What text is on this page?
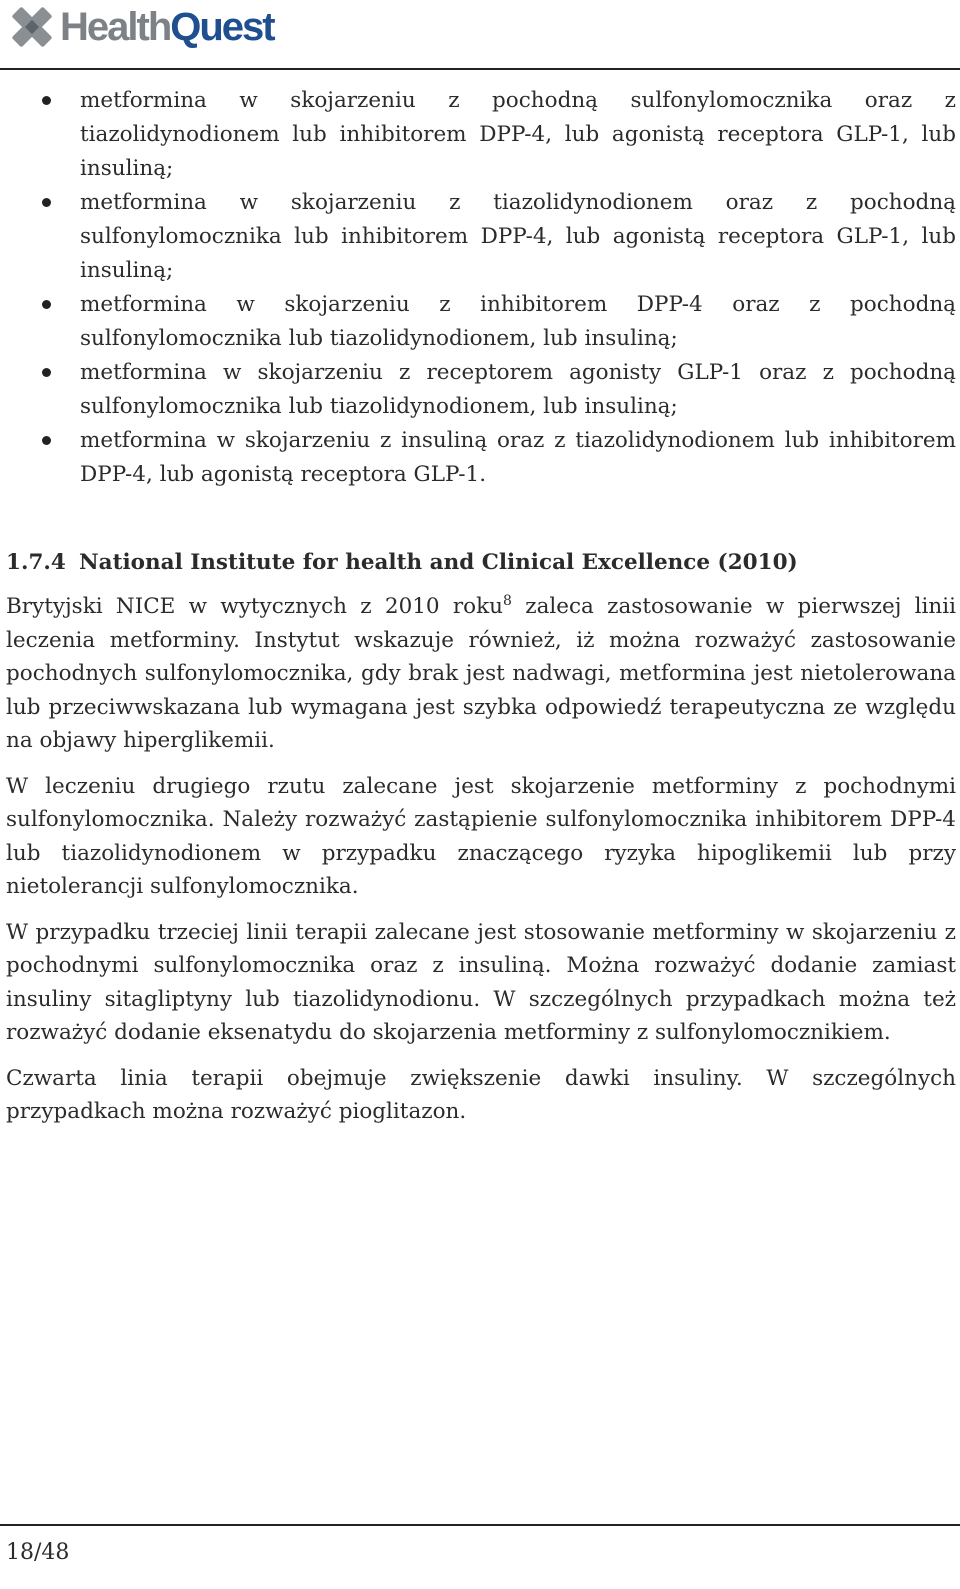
HealthQuest
metformina w skojarzeniu z pochodną sulfonylomocznika oraz z tiazolidynodionem lub inhibitorem DPP-4, lub agonistą receptora GLP-1, lub insuliną;
metformina w skojarzeniu z tiazolidynodionem oraz z pochodną sulfonylomocznika lub inhibitorem DPP-4, lub agonistą receptora GLP-1, lub insuliną;
metformina w skojarzeniu z inhibitorem DPP-4 oraz z pochodną sulfonylomocznika lub tiazolidynodionem, lub insuliną;
metformina w skojarzeniu z receptorem agonisty GLP-1 oraz z pochodną sulfonylomocznika lub tiazolidynodionem, lub insuliną;
metformina w skojarzeniu z insuliną oraz z tiazolidynodionem lub inhibitorem DPP-4, lub agonistą receptora GLP-1.
1.7.4 National Institute for health and Clinical Excellence (2010)

Brytyjski NICE w wytycznych z 2010 roku$^8$ zaleca zastosowanie w pierwszej linii leczenia metforminy. Instytut wskazuje również, iż można rozważyć zastosowanie pochodnych sulfonylomocznika, gdy brak jest nadwagi, metformina jest nietolerowana lub przeciwwskazana lub wymagana jest szybka odpowiedź terapeutyczna ze względu na objawy hiperglikemii.

W leczeniu drugiego rzutu zalecane jest skojarzenie metforminy z pochodnymi sulfonylomocznika. Należy rozważyć zastąpienie sulfonylomocznika inhibitorem DPP-4 lub tiazolidynodionem w przypadku znaczącego ryzyka hipoglikemii lub przy nietolerancji sulfonylomocznika.

W przypadku trzeciej linii terapii zalecane jest stosowanie metforminy w skojarzeniu z pochodnymi sulfonylomocznika oraz z insuliną. Można rozważyć dodanie zamiast insuliny sitagliptyny lub tiazolidynodionu. W szczególnych przypadkach można też rozważyć dodanie eksenatydu do skojarzenia metforminy z sulfonylomocznikiem.

Czwarta linia terapii obejmuje zwiększenie dawki insuliny. W szczególnych przypadkach można rozważyć pioglitazon.

18/48
